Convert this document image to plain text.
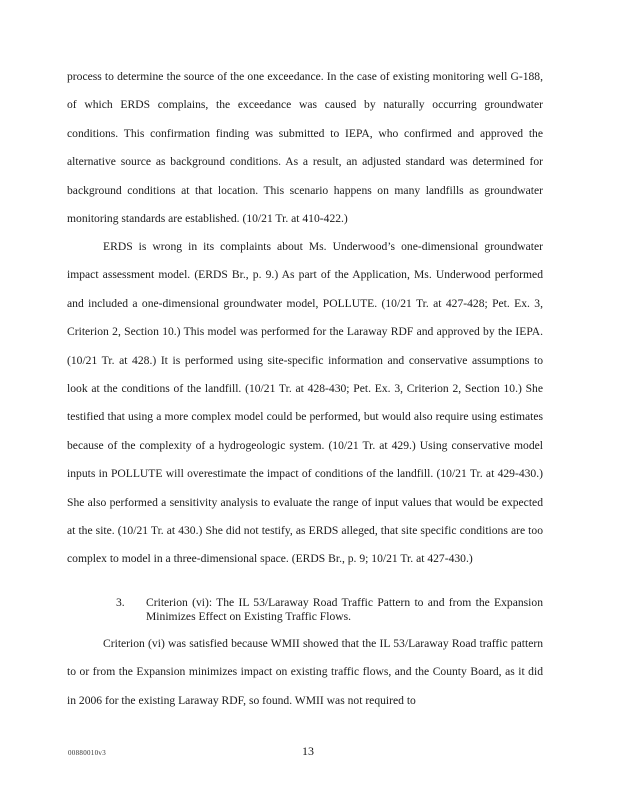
process to determine the source of the one exceedance. In the case of existing monitoring well G-188, of which ERDS complains, the exceedance was caused by naturally occurring groundwater conditions. This confirmation finding was submitted to IEPA, who confirmed and approved the alternative source as background conditions. As a result, an adjusted standard was determined for background conditions at that location. This scenario happens on many landfills as groundwater monitoring standards are established. (10/21 Tr. at 410-422.)

ERDS is wrong in its complaints about Ms. Underwood’s one-dimensional groundwater impact assessment model. (ERDS Br., p. 9.) As part of the Application, Ms. Underwood performed and included a one-dimensional groundwater model, POLLUTE. (10/21 Tr. at 427-428; Pet. Ex. 3, Criterion 2, Section 10.) This model was performed for the Laraway RDF and approved by the IEPA. (10/21 Tr. at 428.) It is performed using site-specific information and conservative assumptions to look at the conditions of the landfill. (10/21 Tr. at 428-430; Pet. Ex. 3, Criterion 2, Section 10.) She testified that using a more complex model could be performed, but would also require using estimates because of the complexity of a hydrogeologic system. (10/21 Tr. at 429.) Using conservative model inputs in POLLUTE will overestimate the impact of conditions of the landfill. (10/21 Tr. at 429-430.) She also performed a sensitivity analysis to evaluate the range of input values that would be expected at the site. (10/21 Tr. at 430.) She did not testify, as ERDS alleged, that site specific conditions are too complex to model in a three-dimensional space. (ERDS Br., p. 9; 10/21 Tr. at 427-430.)

3. Criterion (vi): The IL 53/Laraway Road Traffic Pattern to and from the Expansion Minimizes Effect on Existing Traffic Flows.

Criterion (vi) was satisfied because WMII showed that the IL 53/Laraway Road traffic pattern to or from the Expansion minimizes impact on existing traffic flows, and the County Board, as it did in 2006 for the existing Laraway RDF, so found. WMII was not required to

00880010v3	13
